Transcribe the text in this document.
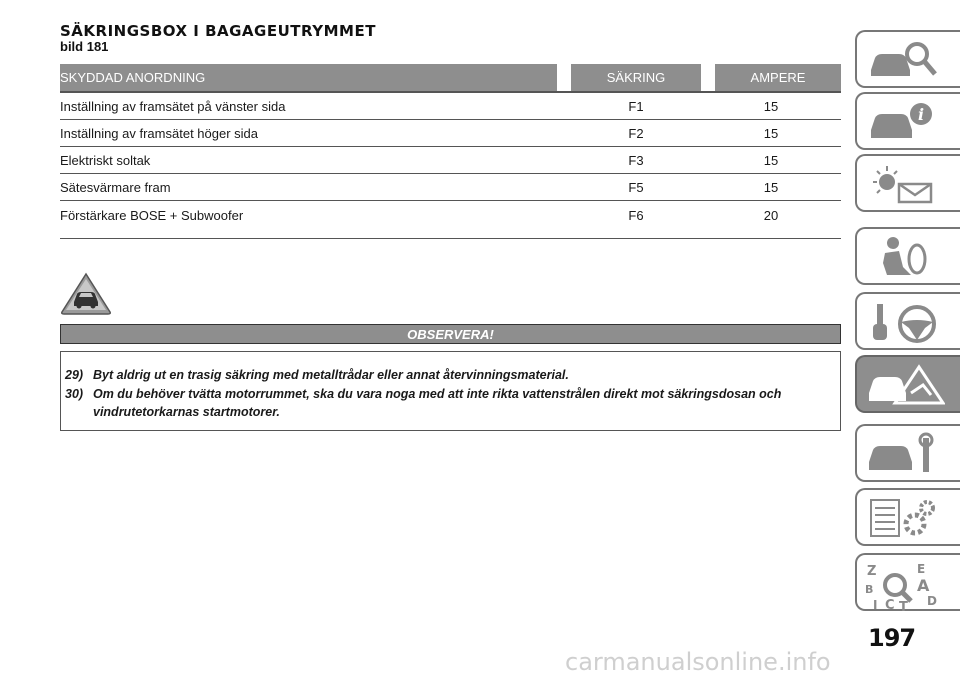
SÄKRINGSBOX I BAGAGEUTRYMMET
bild 181
SKYDDAD ANORDNING	SÄKRING	AMPERE
Inställning av framsätet på vänster sida	F1	15
Inställning av framsätet höger sida	F2	15
Elektriskt soltak	F3	15
Sätesvärmare fram	F5	15
Förstärkare BOSE + Subwoofer	F6	20
OBSERVERA!
29) Byt aldrig ut en trasig säkring med metalltrådar eller annat återvinningsmaterial.
30) Om du behöver tvätta motorrummet, ska du vara noga med att inte rikta vattenstrålen direkt mot säkringsdosan och vindrutetorkarnas startmotorer.
i
Z	E
B	A
I C T D
197
carmanualsonline.info
